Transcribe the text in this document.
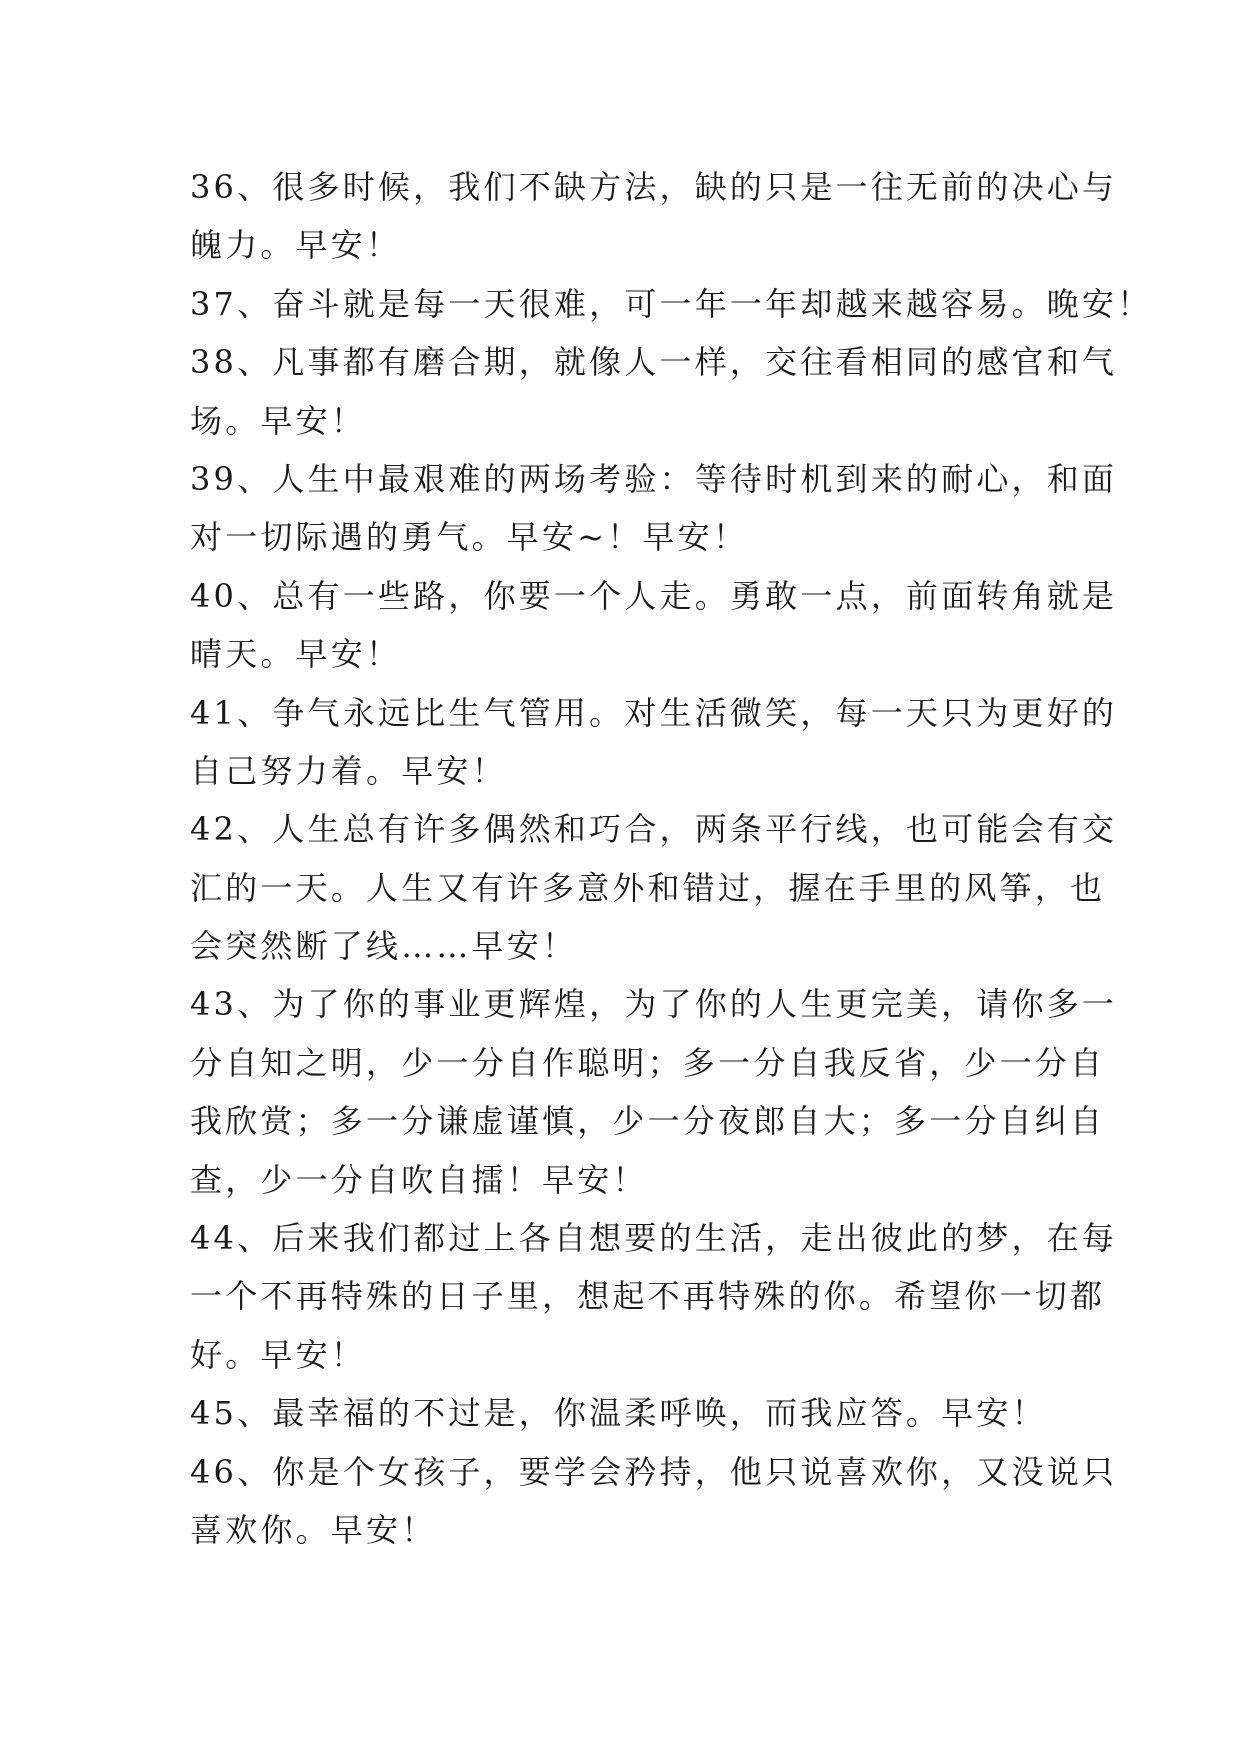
36、很多时候，我们不缺方法，缺的只是一往无前的决心与
魄力。早安！
37、奋斗就是每一天很难，可一年一年却越来越容易。晚安！
38、凡事都有磨合期，就像人一样，交往看相同的感官和气
场。早安！
39、人生中最艰难的两场考验：等待时机到来的耐心，和面
对一切际遇的勇气。早安~！早安！
40、总有一些路，你要一个人走。勇敢一点，前面转角就是
晴天。早安！
41、争气永远比生气管用。对生活微笑，每一天只为更好的
自己努力着。早安！
42、人生总有许多偶然和巧合，两条平行线，也可能会有交
汇的一天。人生又有许多意外和错过，握在手里的风筝，也
会突然断了线……早安！
43、为了你的事业更辉煌，为了你的人生更完美，请你多一
分自知之明，少一分自作聪明；多一分自我反省，少一分自
我欣赏；多一分谦虚谨慎，少一分夜郎自大；多一分自纠自
查，少一分自吹自擂！早安！
44、后来我们都过上各自想要的生活，走出彼此的梦，在每
一个不再特殊的日子里，想起不再特殊的你。希望你一切都
好。早安！
45、最幸福的不过是，你温柔呼唤，而我应答。早安！
46、你是个女孩子，要学会矜持，他只说喜欢你，又没说只
喜欢你。早安！
